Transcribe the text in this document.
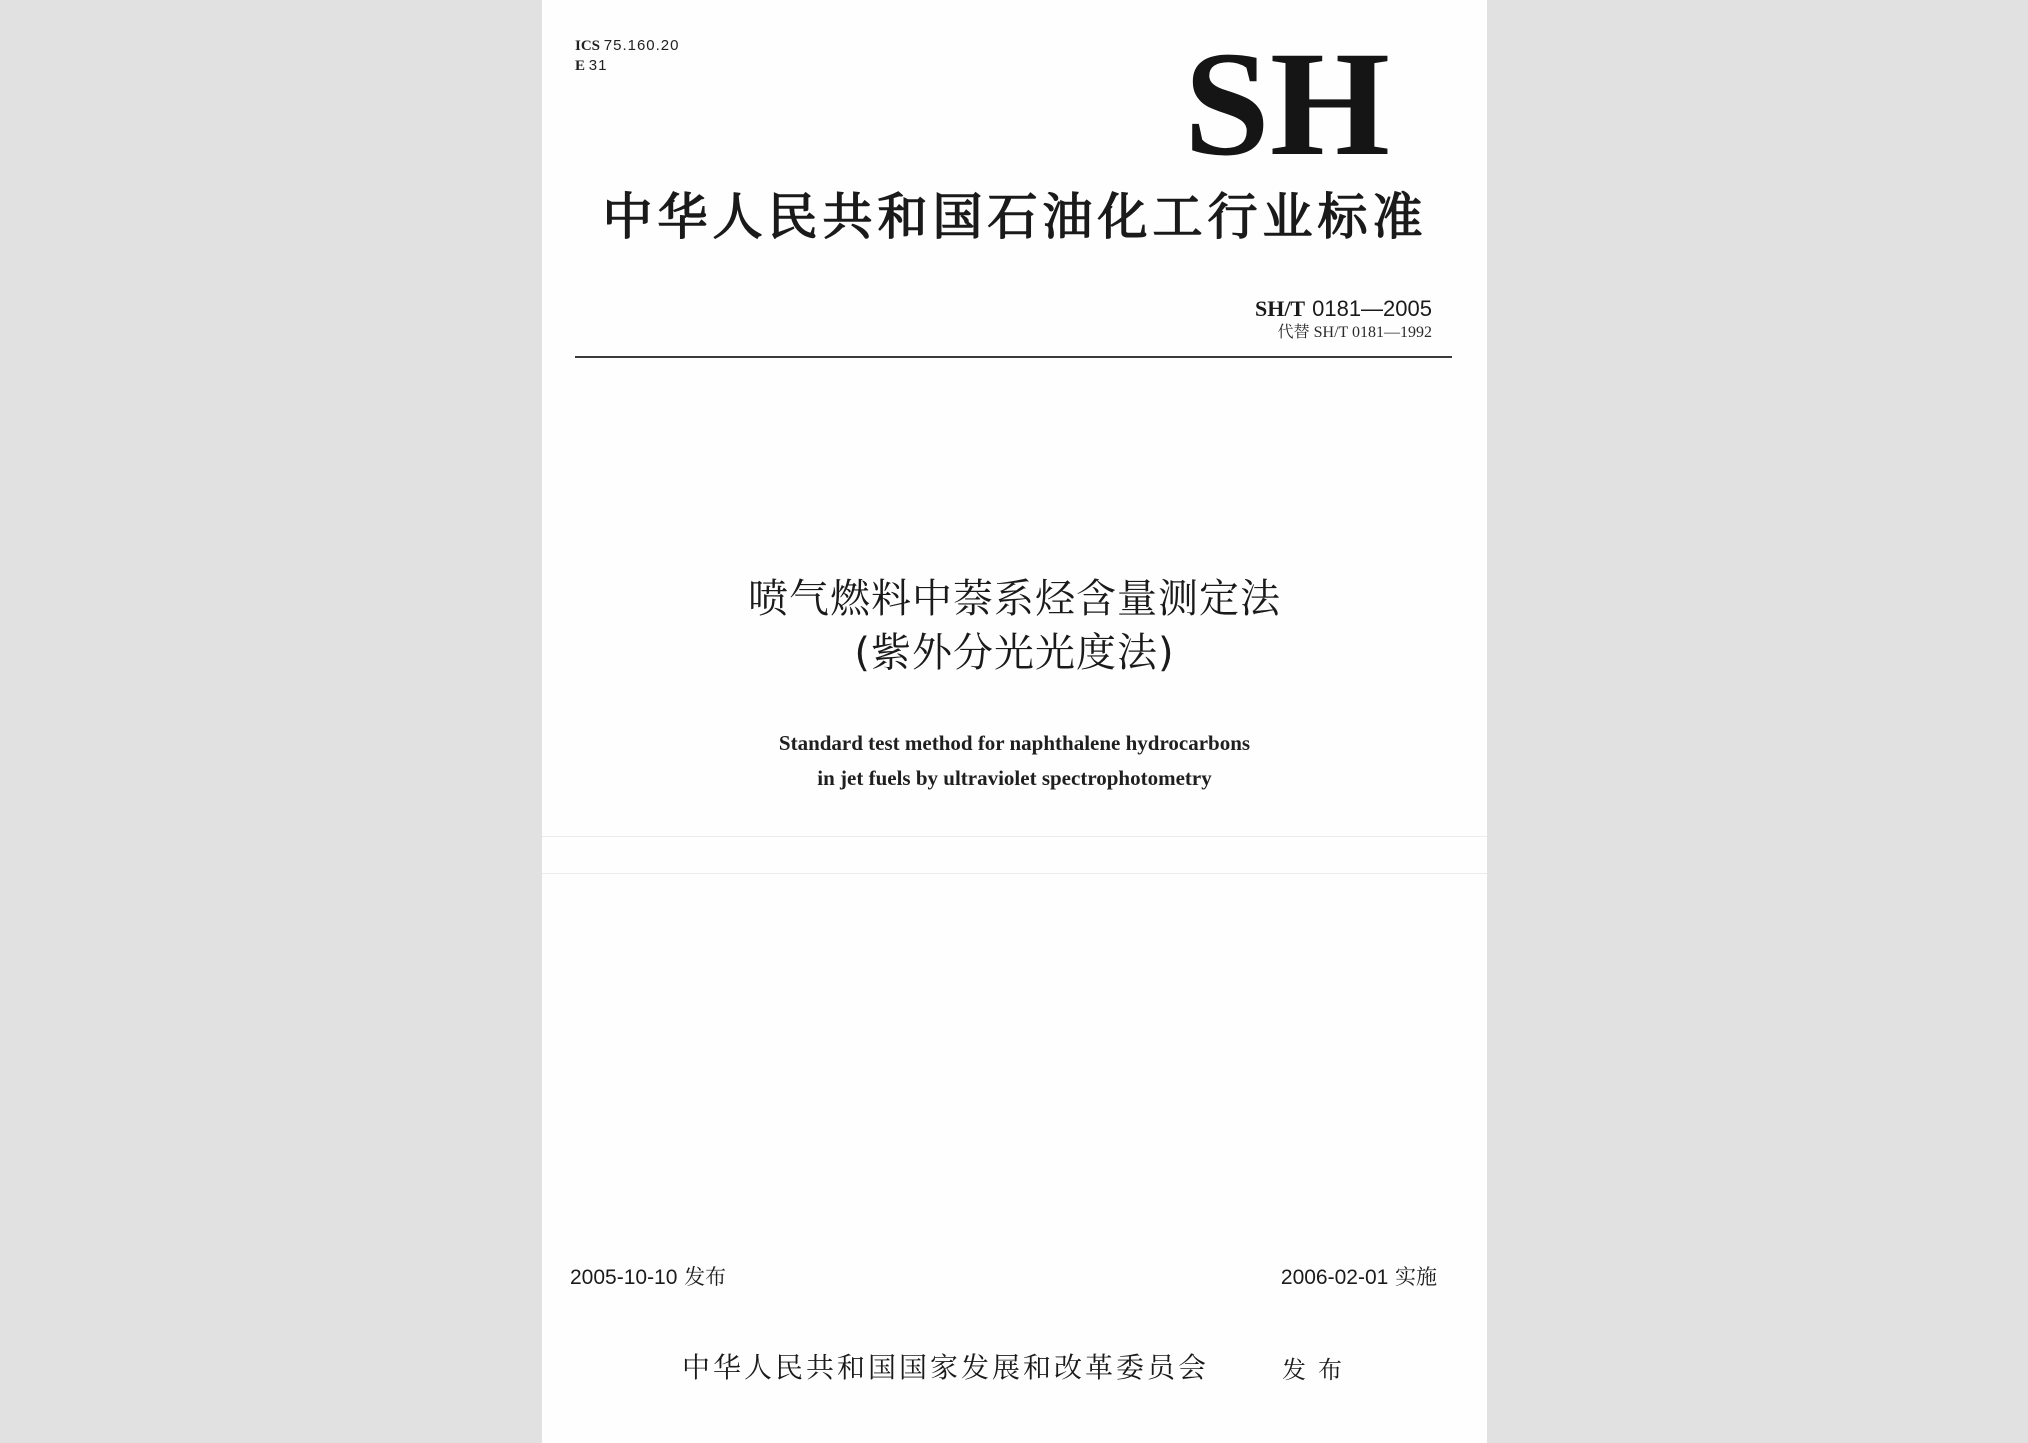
ICS 75.160.20
E 31	SH
中华人民共和国石油化工行业标准
SH/T 0181—2005
代替 SH/T 0181—1992
喷气燃料中萘系烃含量测定法
(紫外分光光度法)
Standard test method for naphthalene hydrocarbons
in jet fuels by ultraviolet spectrophotometry
2005-10-10 发布	2006-02-01 实施
中华人民共和国国家发展和改革委员会	发布
